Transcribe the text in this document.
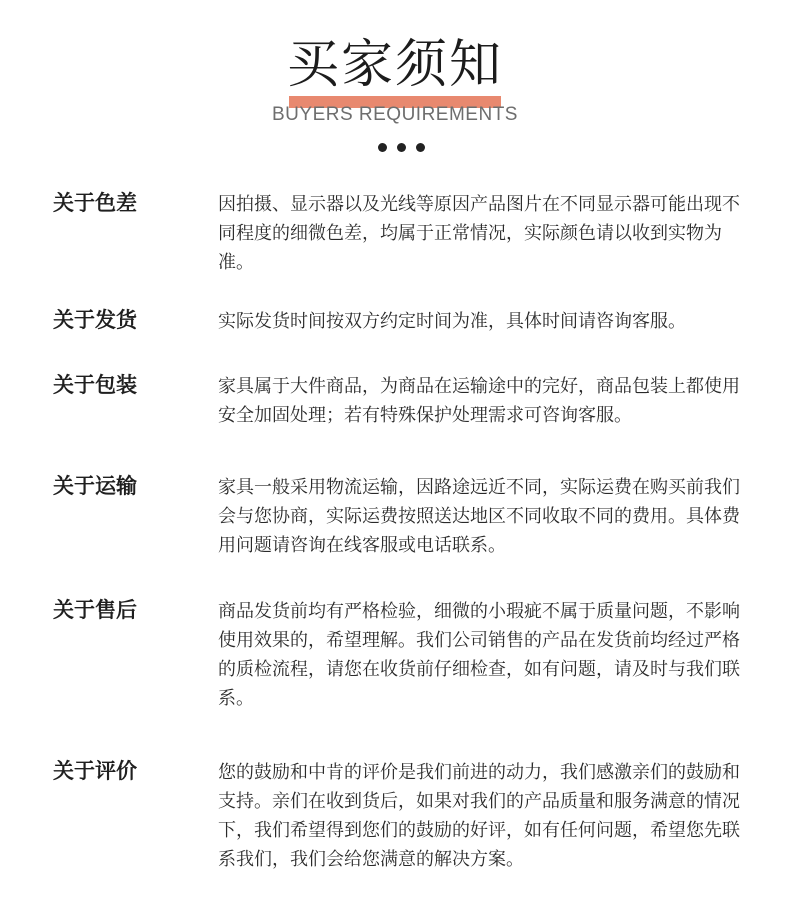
买家须知
BUYERS REQUIREMENTS
关于色差	因拍摄、显示器以及光线等原因产品图片在不同显示器可能出现不同程度的细微色差，均属于正常情况，实际颜色请以收到实物为准。
关于发货	实际发货时间按双方约定时间为准，具体时间请咨询客服。
关于包装	家具属于大件商品，为商品在运输途中的完好，商品包装上都使用安全加固处理；若有特殊保护处理需求可咨询客服。
关于运输	家具一般采用物流运输，因路途远近不同，实际运费在购买前我们会与您协商，实际运费按照送达地区不同收取不同的费用。具体费用问题请咨询在线客服或电话联系。
关于售后	商品发货前均有严格检验，细微的小瑕疵不属于质量问题，不影响使用效果的，希望理解。我们公司销售的产品在发货前均经过严格的质检流程，请您在收货前仔细检查，如有问题，请及时与我们联系。
关于评价	您的鼓励和中肯的评价是我们前进的动力，我们感激亲们的鼓励和支持。亲们在收到货后，如果对我们的产品质量和服务满意的情况下，我们希望得到您们的鼓励的好评，如有任何问题，希望您先联系我们，我们会给您满意的解决方案。
